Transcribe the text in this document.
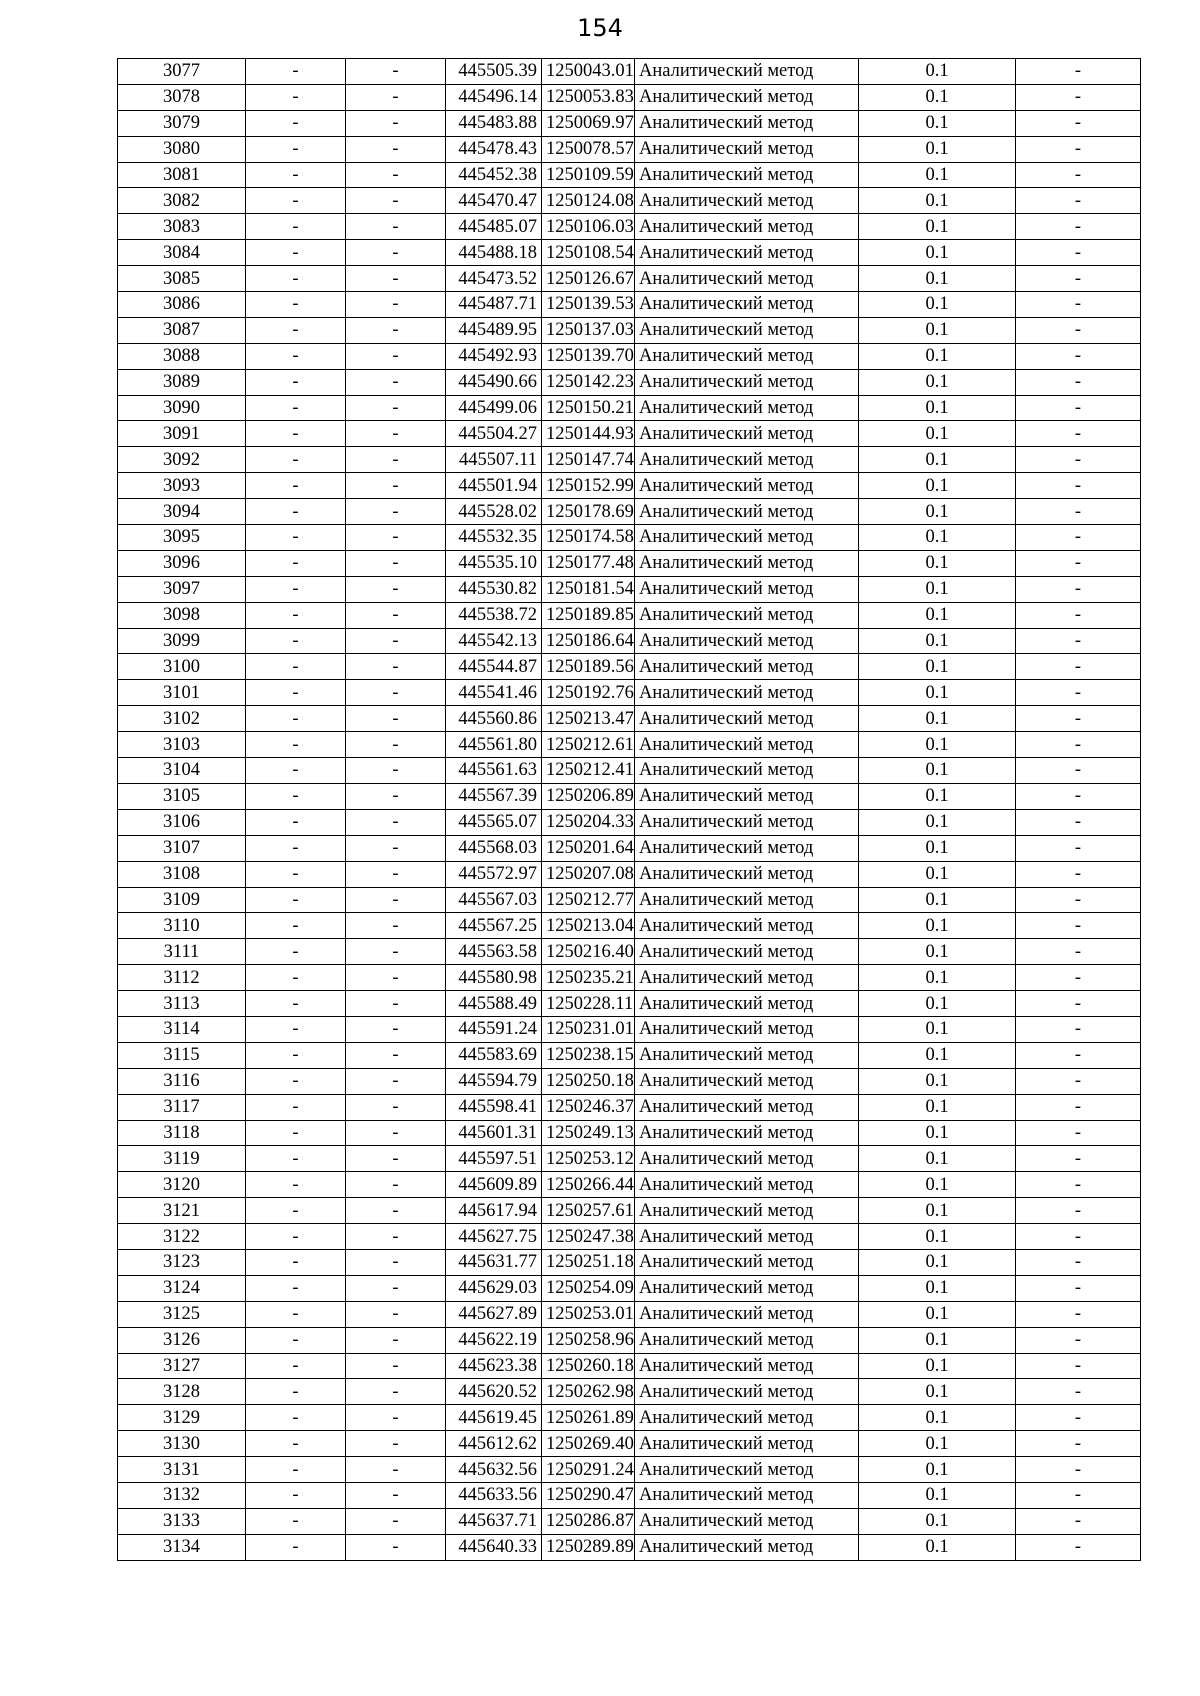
154
3077	-	-	445505.39	1250043.01	Аналитический метод	0.1	-
3078	-	-	445496.14	1250053.83	Аналитический метод	0.1	-
3079	-	-	445483.88	1250069.97	Аналитический метод	0.1	-
3080	-	-	445478.43	1250078.57	Аналитический метод	0.1	-
3081	-	-	445452.38	1250109.59	Аналитический метод	0.1	-
3082	-	-	445470.47	1250124.08	Аналитический метод	0.1	-
3083	-	-	445485.07	1250106.03	Аналитический метод	0.1	-
3084	-	-	445488.18	1250108.54	Аналитический метод	0.1	-
3085	-	-	445473.52	1250126.67	Аналитический метод	0.1	-
3086	-	-	445487.71	1250139.53	Аналитический метод	0.1	-
3087	-	-	445489.95	1250137.03	Аналитический метод	0.1	-
3088	-	-	445492.93	1250139.70	Аналитический метод	0.1	-
3089	-	-	445490.66	1250142.23	Аналитический метод	0.1	-
3090	-	-	445499.06	1250150.21	Аналитический метод	0.1	-
3091	-	-	445504.27	1250144.93	Аналитический метод	0.1	-
3092	-	-	445507.11	1250147.74	Аналитический метод	0.1	-
3093	-	-	445501.94	1250152.99	Аналитический метод	0.1	-
3094	-	-	445528.02	1250178.69	Аналитический метод	0.1	-
3095	-	-	445532.35	1250174.58	Аналитический метод	0.1	-
3096	-	-	445535.10	1250177.48	Аналитический метод	0.1	-
3097	-	-	445530.82	1250181.54	Аналитический метод	0.1	-
3098	-	-	445538.72	1250189.85	Аналитический метод	0.1	-
3099	-	-	445542.13	1250186.64	Аналитический метод	0.1	-
3100	-	-	445544.87	1250189.56	Аналитический метод	0.1	-
3101	-	-	445541.46	1250192.76	Аналитический метод	0.1	-
3102	-	-	445560.86	1250213.47	Аналитический метод	0.1	-
3103	-	-	445561.80	1250212.61	Аналитический метод	0.1	-
3104	-	-	445561.63	1250212.41	Аналитический метод	0.1	-
3105	-	-	445567.39	1250206.89	Аналитический метод	0.1	-
3106	-	-	445565.07	1250204.33	Аналитический метод	0.1	-
3107	-	-	445568.03	1250201.64	Аналитический метод	0.1	-
3108	-	-	445572.97	1250207.08	Аналитический метод	0.1	-
3109	-	-	445567.03	1250212.77	Аналитический метод	0.1	-
3110	-	-	445567.25	1250213.04	Аналитический метод	0.1	-
3111	-	-	445563.58	1250216.40	Аналитический метод	0.1	-
3112	-	-	445580.98	1250235.21	Аналитический метод	0.1	-
3113	-	-	445588.49	1250228.11	Аналитический метод	0.1	-
3114	-	-	445591.24	1250231.01	Аналитический метод	0.1	-
3115	-	-	445583.69	1250238.15	Аналитический метод	0.1	-
3116	-	-	445594.79	1250250.18	Аналитический метод	0.1	-
3117	-	-	445598.41	1250246.37	Аналитический метод	0.1	-
3118	-	-	445601.31	1250249.13	Аналитический метод	0.1	-
3119	-	-	445597.51	1250253.12	Аналитический метод	0.1	-
3120	-	-	445609.89	1250266.44	Аналитический метод	0.1	-
3121	-	-	445617.94	1250257.61	Аналитический метод	0.1	-
3122	-	-	445627.75	1250247.38	Аналитический метод	0.1	-
3123	-	-	445631.77	1250251.18	Аналитический метод	0.1	-
3124	-	-	445629.03	1250254.09	Аналитический метод	0.1	-
3125	-	-	445627.89	1250253.01	Аналитический метод	0.1	-
3126	-	-	445622.19	1250258.96	Аналитический метод	0.1	-
3127	-	-	445623.38	1250260.18	Аналитический метод	0.1	-
3128	-	-	445620.52	1250262.98	Аналитический метод	0.1	-
3129	-	-	445619.45	1250261.89	Аналитический метод	0.1	-
3130	-	-	445612.62	1250269.40	Аналитический метод	0.1	-
3131	-	-	445632.56	1250291.24	Аналитический метод	0.1	-
3132	-	-	445633.56	1250290.47	Аналитический метод	0.1	-
3133	-	-	445637.71	1250286.87	Аналитический метод	0.1	-
3134	-	-	445640.33	1250289.89	Аналитический метод	0.1	-
